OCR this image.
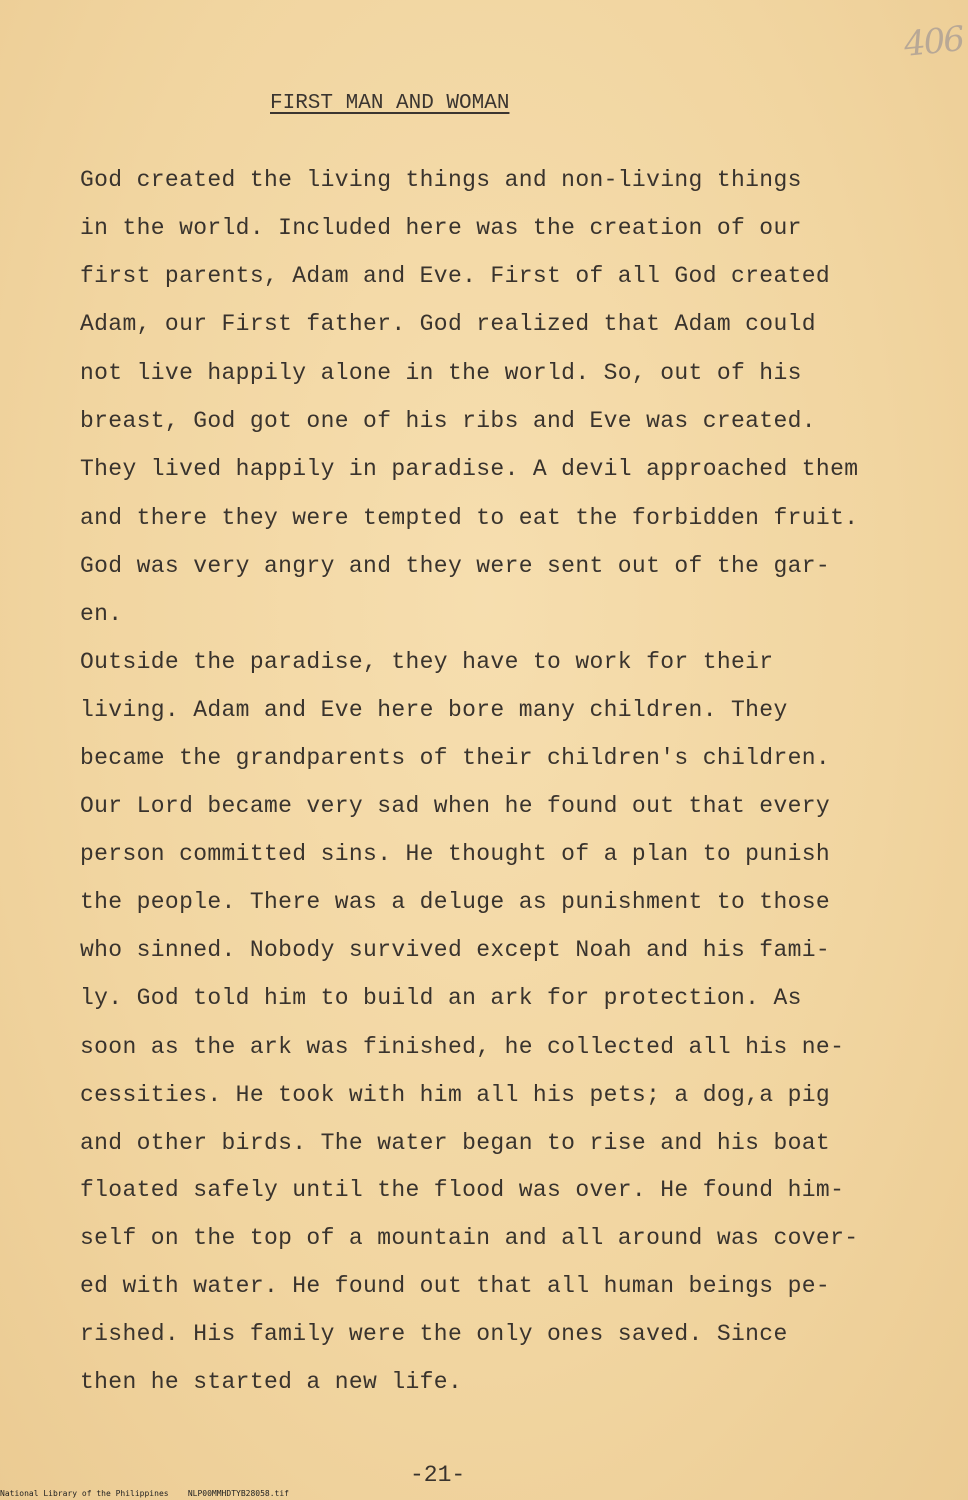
406
FIRST MAN AND WOMAN
God created the living things and non-living things
in the world. Included here was the creation of our
first parents, Adam and Eve. First of all God created
Adam, our First father. God realized that Adam could
not live happily alone in the world. So, out of his
breast, God got one of his ribs and Eve was created.
They lived happily in paradise. A devil approached them
and there they were tempted to eat the forbidden fruit.
God was very angry and they were sent out of the gar-
en.
Outside the paradise, they have to work for their
living. Adam and Eve here bore many children. They
became the grandparents of their children's children.
Our Lord became very sad when he found out that every
person committed sins. He thought of a plan to punish
the people. There was a deluge as punishment to those
who sinned. Nobody survived except Noah and his fami-
ly. God told him to build an ark for protection. As
soon as the ark was finished, he collected all his ne-
cessities. He took with him all his pets; a dog,a pig
and other birds. The water began to rise and his boat
floated safely until the flood was over. He found him-
self on the top of a mountain and all around was cover-
ed with water. He found out that all human beings pe-
rished. His family were the only ones saved. Since
then he started a new life.
-21-
National Library of the Philippines    NLP00MMHDTYB28058.tif
